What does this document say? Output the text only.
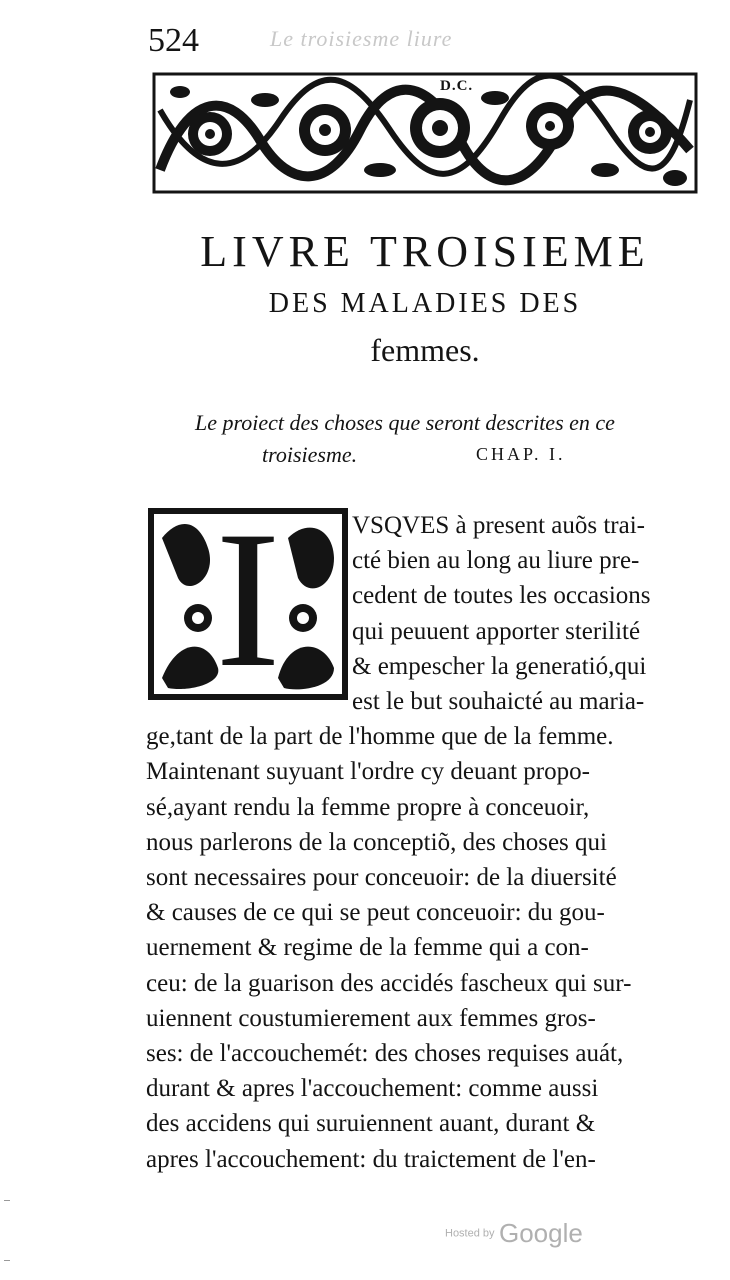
524	Le troisiesme liure
D.C.
LIVRE TROISIEME
DES MALADIES DES
femmes.
Le proiect des choses que seront descrites en ce
troisiesme.	CHAP. I.
I	VSQVES à present auõs trai-
cté bien au long au liure pre-
cedent de toutes les occasions
qui peuuent apporter sterilité
& empescher la generatió,qui
est le but souhaicté au maria-
ge,tant de la part de l'homme que de la femme.
Maintenant suyuant l'ordre cy deuant propo-
sé,ayant rendu la femme propre à conceuoir,
nous parlerons de la conceptiõ, des choses qui
sont necessaires pour conceuoir: de la diuersité
& causes de ce qui se peut conceuoir: du gou-
uernement & regime de la femme qui a con-
ceu: de la guarison des accidés fascheux qui sur-
uiennent coustumierement aux femmes gros-
ses: de l'accouchemét: des choses requises auát,
durant & apres l'accouchement: comme aussi
des accidens qui suruiennent auant, durant &
apres l'accouchement: du traictement de l'en-
Hosted by Google
